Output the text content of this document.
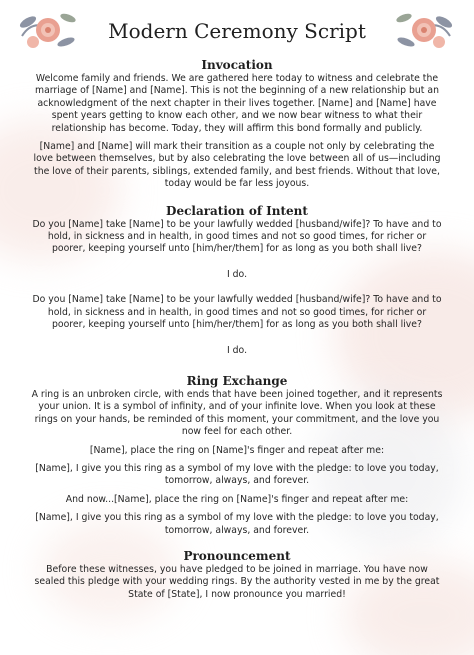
Modern Ceremony Script
Invocation

Welcome family and friends. We are gathered here today to witness and celebrate the marriage of [Name] and [Name]. This is not the beginning of a new relationship but an acknowledgment of the next chapter in their lives together. [Name] and [Name] have spent years getting to know each other, and we now bear witness to what their relationship has become. Today, they will affirm this bond formally and publicly.

[Name] and [Name] will mark their transition as a couple not only by celebrating the love between themselves, but by also celebrating the love between all of us—including the love of their parents, siblings, extended family, and best friends. Without that love, today would be far less joyous.

Declaration of Intent

Do you [Name] take [Name] to be your lawfully wedded [husband/wife]? To have and to hold, in sickness and in health, in good times and not so good times, for richer or poorer, keeping yourself unto [him/her/them] for as long as you both shall live?

I do.

Do you [Name] take [Name] to be your lawfully wedded [husband/wife]? To have and to hold, in sickness and in health, in good times and not so good times, for richer or poorer, keeping yourself unto [him/her/them] for as long as you both shall live?

I do.

Ring Exchange

A ring is an unbroken circle, with ends that have been joined together, and it represents your union. It is a symbol of infinity, and of your infinite love. When you look at these rings on your hands, be reminded of this moment, your commitment, and the love you now feel for each other.

[Name], place the ring on [Name]'s finger and repeat after me:

[Name], I give you this ring as a symbol of my love with the pledge: to love you today, tomorrow, always, and forever.

And now...[Name], place the ring on [Name]'s finger and repeat after me:

[Name], I give you this ring as a symbol of my love with the pledge: to love you today, tomorrow, always, and forever.

Pronouncement

Before these witnesses, you have pledged to be joined in marriage. You have now sealed this pledge with your wedding rings. By the authority vested in me by the great State of [State], I now pronounce you married!
